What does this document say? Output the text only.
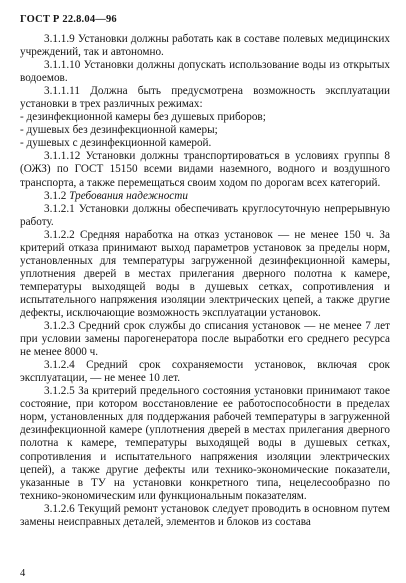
ГОСТ Р 22.8.04—96

3.1.1.9 Установки должны работать как в составе полевых медицинских учреждений, так и автономно.

3.1.1.10 Установки должны допускать использование воды из открытых водоемов.

3.1.1.11 Должна быть предусмотрена возможность эксплуатации установки в трех различных режимах:

- дезинфекционной камеры без душевых приборов;

- душевых без дезинфекционной камеры;

- душевых с дезинфекционной камерой.

3.1.1.12 Установки должны транспортироваться в условиях группы 8 (ОЖЗ) по ГОСТ 15150 всеми видами наземного, водного и воздушного транспорта, а также перемещаться своим ходом по дорогам всех категорий.

3.1.2 Требования надежности

3.1.2.1 Установки должны обеспечивать круглосуточную непрерывную работу.

3.1.2.2 Средняя наработка на отказ установок — не менее 150 ч. За критерий отказа принимают выход параметров установок за пределы норм, установленных для температуры загруженной дезинфекционной камеры, уплотнения дверей в местах прилегания дверного полотна к камере, температуры выходящей воды в душевых сетках, сопротивления и испытательного напряжения изоляции электрических цепей, а также другие дефекты, исключающие возможность эксплуатации установок.

3.1.2.3 Средний срок службы до списания установок — не менее 7 лет при условии замены парогенератора после выработки его среднего ресурса не менее 8000 ч.

3.1.2.4 Средний срок сохраняемости установок, включая срок эксплуатации, — не менее 10 лет.

3.1.2.5 За критерий предельного состояния установки принимают такое состояние, при котором восстановление ее работоспособности в пределах норм, установленных для поддержания рабочей температуры в загруженной дезинфекционной камере (уплотнения дверей в местах прилегания дверного полотна к камере, температуры выходящей воды в душевых сетках, сопротивления и испытательного напряжения изоляции электрических цепей), а также другие дефекты или технико-экономические показатели, указанные в ТУ на установки конкретного типа, нецелесообразно по технико-экономическим или функциональным показателям.

3.1.2.6 Текущий ремонт установок следует проводить в основном путем замены неисправных деталей, элементов и блоков из состава

4
